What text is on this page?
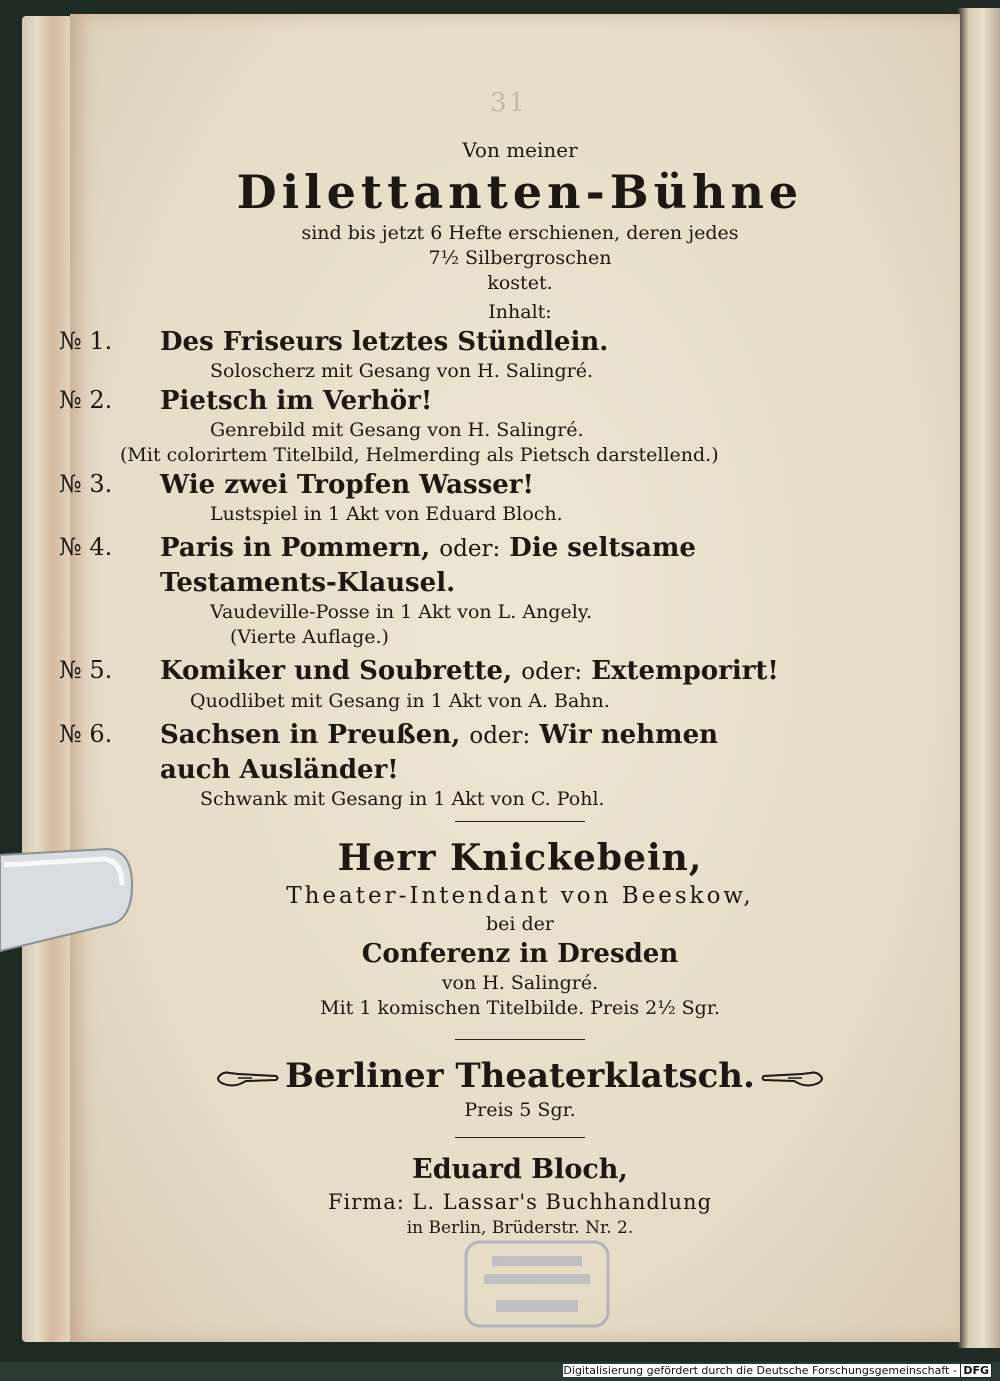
31
Von meiner
Dilettanten-Bühne
sind bis jetzt 6 Hefte erschienen, deren jedes
7½ Silbergroschen
kostet.
Inhalt:
№ 1. Des Friseurs letztes Stündlein.
Soloscherz mit Gesang von H. Salingré.
№ 2. Pietsch im Verhör!
Genrebild mit Gesang von H. Salingré.
(Mit colorirtem Titelbild, Helmerding als Pietsch darstellend.)
№ 3. Wie zwei Tropfen Wasser!
Lustspiel in 1 Akt von Eduard Bloch.
№ 4. Paris in Pommern, oder: Die seltsame
Testaments-Klausel.
Vaudeville-Posse in 1 Akt von L. Angely.
(Vierte Auflage.)
№ 5. Komiker und Soubrette, oder: Extemporirt!
Quodlibet mit Gesang in 1 Akt von A. Bahn.
№ 6. Sachsen in Preußen, oder: Wir nehmen
auch Ausländer!
Schwank mit Gesang in 1 Akt von C. Pohl.
Herr Knickebein,
Theater-Intendant von Beeskow,
bei der
Conferenz in Dresden
von H. Salingré.
Mit 1 komischen Titelbilde. Preis 2½ Sgr.
Berliner Theaterklatsch.
Preis 5 Sgr.
Eduard Bloch,
Firma: L. Lassar's Buchhandlung
in Berlin, Brüderstr. Nr. 2.
Digitalisierung gefördert durch die Deutsche Forschungsgemeinschaft - DFG
